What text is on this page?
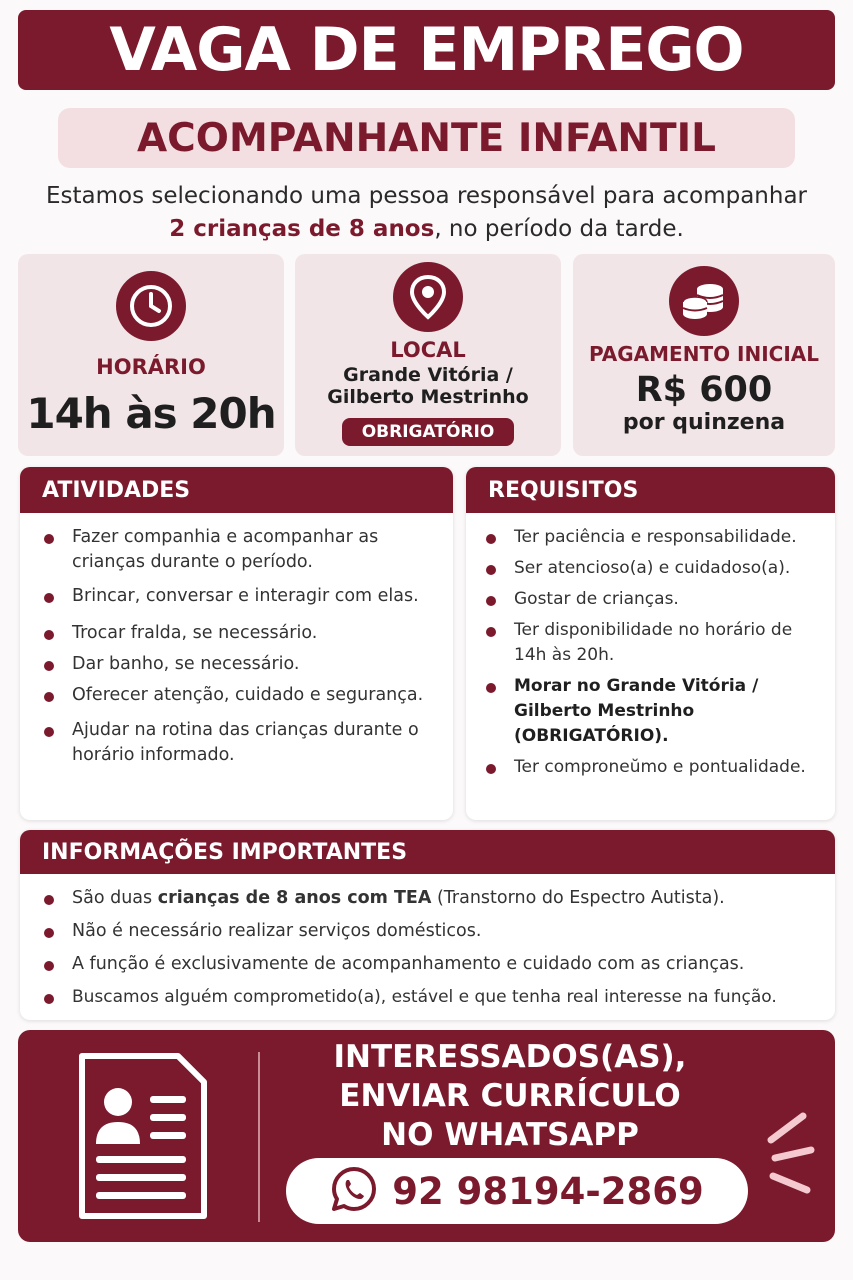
VAGA DE EMPREGO
ACOMPANHANTE INFANTIL
Estamos selecionando uma pessoa responsável para acompanhar
2 crianças de 8 anos, no período da tarde.
HORÁRIO
14h às 20h
LOCAL
Grande Vitória /
Gilberto Mestrinho
OBRIGATÓRIO
PAGAMENTO INICIAL
R$ 600
por quinzena
ATIVIDADES
Fazer companhia e acompanhar as crianças durante o período.
Brincar, conversar e interagir com elas.
Trocar fralda, se necessário.
Dar banho, se necessário.
Oferecer atenção, cuidado e segurança.
Ajudar na rotina das crianças durante o horário informado.
REQUISITOS
Ter paciência e responsabilidade.
Ser atencioso(a) e cuidadoso(a).
Gostar de crianças.
Ter disponibilidade no horário de 14h às 20h.
Morar no Grande Vitória / Gilberto Mestrinho (OBRIGATÓRIO).
Ter comproneŭmo e pontualidade.
INFORMAÇÕES IMPORTANTES
São duas crianças de 8 anos com TEA (Transtorno do Espectro Autista).
Não é necessário realizar serviços domésticos.
A função é exclusivamente de acompanhamento e cuidado com as crianças.
Buscamos alguém comprometido(a), estável e que tenha real interesse na função.
INTERESSADOS(AS),
ENVIAR CURRÍCULO
NO WHATSAPP
92 98194-2869
